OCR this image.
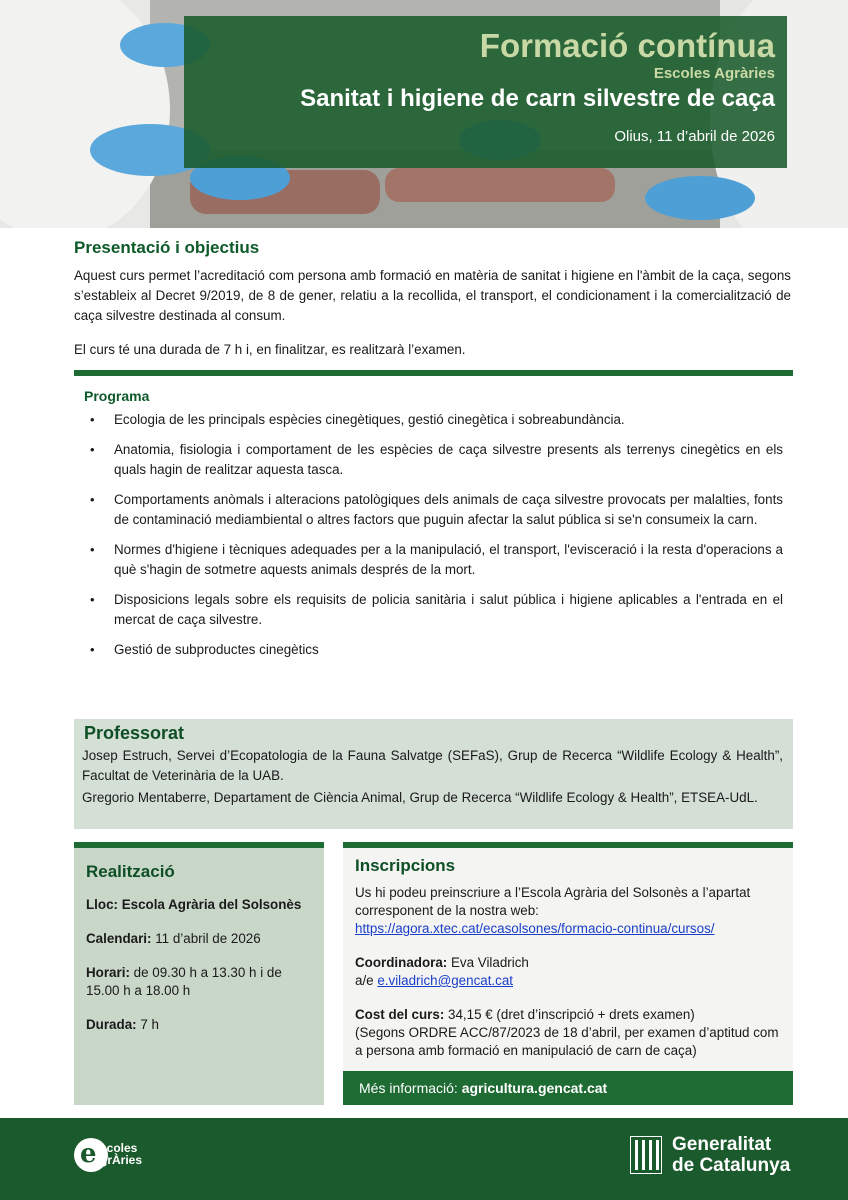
Formació contínua
Escoles Agràries
Sanitat i higiene de carn silvestre de caça
Olius, 11 d’abril de 2026
Presentació i objectius

Aquest curs permet l’acreditació com persona amb formació en matèria de sanitat i higiene en l'àmbit de la caça, segons s’estableix al Decret 9/2019, de 8 de gener, relatiu a la recollida, el transport, el condicionament i la comercialització de caça silvestre destinada al consum.

El curs té una durada de 7 h i, en finalitzar, es realitzarà l’examen.

Programa
• Ecologia de les principals espècies cinegètiques, gestió cinegètica i sobreabundància.
• Anatomia, fisiologia i comportament de les espècies de caça silvestre presents als terrenys cinegètics en els quals hagin de realitzar aquesta tasca.
• Comportaments anòmals i alteracions patològiques dels animals de caça silvestre provocats per malalties, fonts de contaminació mediambiental o altres factors que puguin afectar la salut pública si se'n consumeix la carn.
• Normes d'higiene i tècniques adequades per a la manipulació, el transport, l'evisceració i la resta d'operacions a què s'hagin de sotmetre aquests animals després de la mort.
• Disposicions legals sobre els requisits de policia sanitària i salut pública i higiene aplicables a l'entrada en el mercat de caça silvestre.
• Gestió de subproductes cinegètics
Professorat

Josep Estruch, Servei d’Ecopatologia de la Fauna Salvatge (SEFaS), Grup de Recerca “Wildlife Ecology & Health”, Facultat de Veterinària de la UAB.

Gregorio Mentaberre, Departament de Ciència Animal, Grup de Recerca “Wildlife Ecology & Health”, ETSEA-UdL.

Realització
Lloc: Escola Agrària del Solsonès
Calendari: 11 d’abril de 2026
Horari: de 09.30 h a 13.30 h i de 15.00 h a 18.00 h
Durada: 7 h
Inscripcions
Us hi podeu preinscriure a l’Escola Agrària del Solsonès a l’apartat corresponent de la nostra web:
https://agora.xtec.cat/ecasolsones/formacio-continua/cursos/
Coordinadora: Eva Viladrich
a/e e.viladrich@gencat.cat
Cost del curs: 34,15 € (dret d’inscripció + drets examen)
(Segons ORDRE ACC/87/2023 de 18 d’abril, per examen d’aptitud com a persona amb formació en manipulació de carn de caça)
Més informació: agricultura.gencat.cat
e scoles
grÀries
Generalitat
de Catalunya
